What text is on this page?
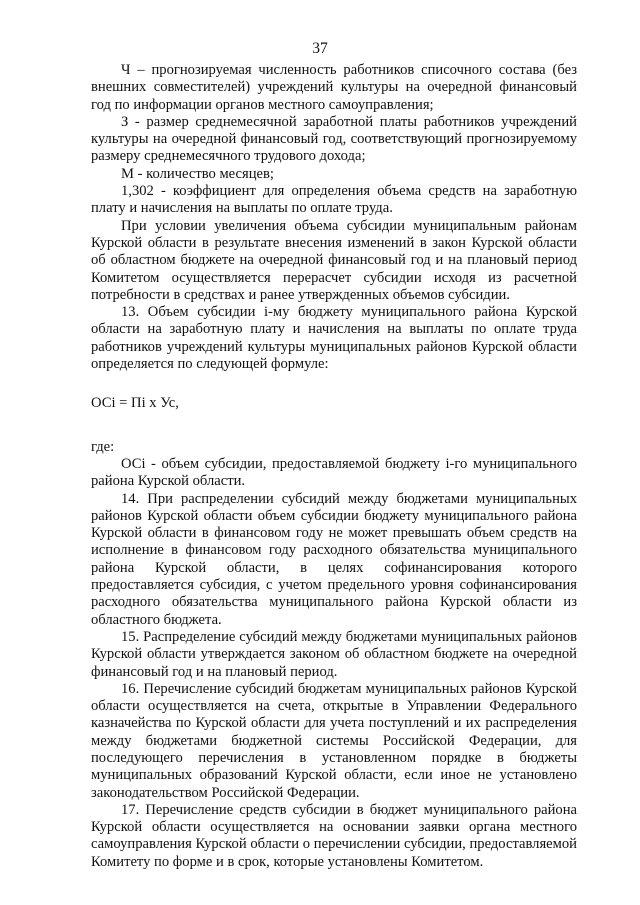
37

Ч – прогнозируемая численность работников списочного состава (без внешних совместителей) учреждений культуры на очередной финансовый год по информации органов местного самоуправления;

З - размер среднемесячной заработной платы работников учреждений культуры на очередной финансовый год, соответствующий прогнозируемому размеру среднемесячного трудового дохода;

М - количество месяцев;

1,302 - коэффициент для определения объема средств на заработную плату и начисления на выплаты по оплате труда.

При условии увеличения объема субсидии муниципальным районам Курской области в результате внесения изменений в закон Курской области об областном бюджете на очередной финансовый год и на плановый период Комитетом осуществляется перерасчет субсидии исходя из расчетной потребности в средствах и ранее утвержденных объемов субсидии.

13. Объем субсидии i-му бюджету муниципального района Курской области на заработную плату и начисления на выплаты по оплате труда работников учреждений культуры муниципальных районов Курской области определяется по следующей формуле:

ОСi = Пi х Ус,

где:

ОСi - объем субсидии, предоставляемой бюджету i-го муниципального района Курской области.

14. При распределении субсидий между бюджетами муниципальных районов Курской области объем субсидии бюджету муниципального района Курской области в финансовом году не может превышать объем средств на исполнение в финансовом году расходного обязательства муниципального района Курской области, в целях софинансирования которого предоставляется субсидия, с учетом предельного уровня софинансирования расходного обязательства муниципального района Курской области из областного бюджета.

15. Распределение субсидий между бюджетами муниципальных районов Курской области утверждается законом об областном бюджете на очередной финансовый год и на плановый период.

16. Перечисление субсидий бюджетам муниципальных районов Курской области осуществляется на счета, открытые в Управлении Федерального казначейства по Курской области для учета поступлений и их распределения между бюджетами бюджетной системы Российской Федерации, для последующего перечисления в установленном порядке в бюджеты муниципальных образований Курской области, если иное не установлено законодательством Российской Федерации.

17. Перечисление средств субсидии в бюджет муниципального района Курской области осуществляется на основании заявки органа местного самоуправления Курской области о перечислении субсидии, предоставляемой Комитету по форме и в срок, которые установлены Комитетом.
